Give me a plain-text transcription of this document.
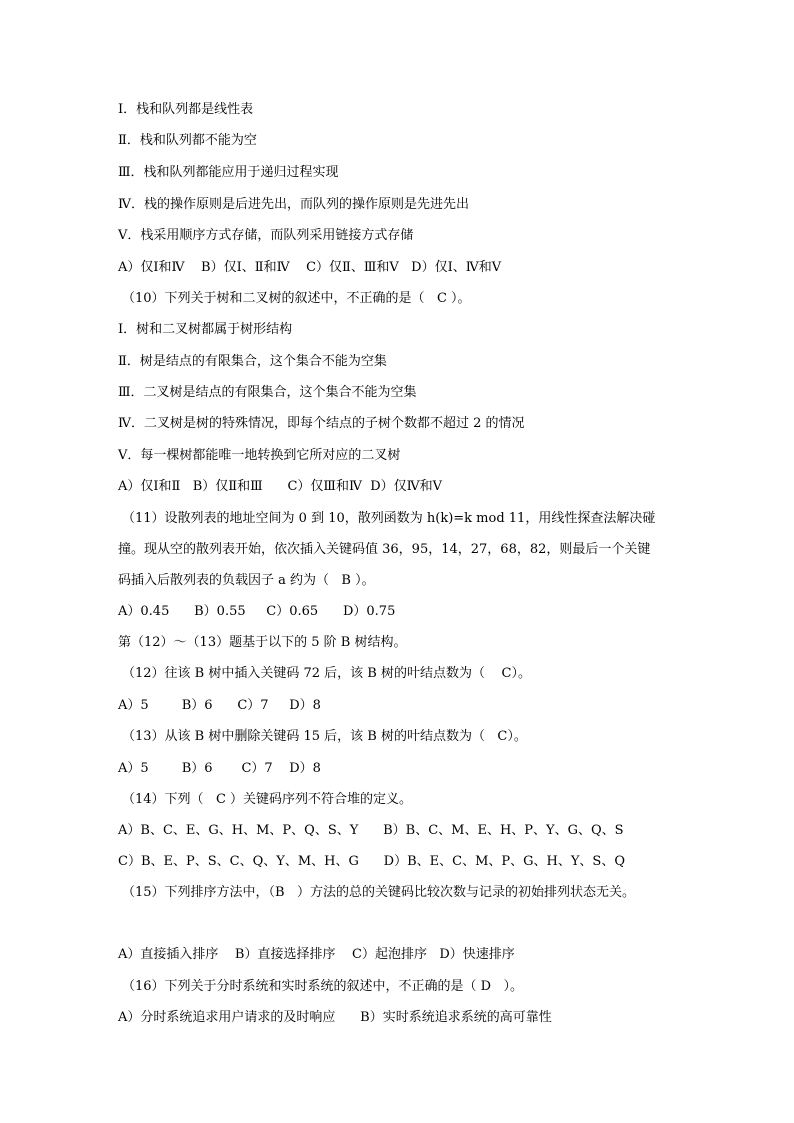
Ⅰ．栈和队列都是线性表
Ⅱ．栈和队列都不能为空
Ⅲ．栈和队列都能应用于递归过程实现
Ⅳ．栈的操作原则是后进先出，而队列的操作原则是先进先出
Ⅴ．栈采用顺序方式存储，而队列采用链接方式存储
A）仅Ⅰ和Ⅳ    B）仅Ⅰ、Ⅱ和Ⅳ    C）仅Ⅱ、Ⅲ和Ⅴ   D）仅Ⅰ、Ⅳ和Ⅴ
（10）下列关于树和二叉树的叙述中，不正确的是（   C ）。
Ⅰ．树和二叉树都属于树形结构
Ⅱ．树是结点的有限集合，这个集合不能为空集
Ⅲ．二叉树是结点的有限集合，这个集合不能为空集
Ⅳ．二叉树是树的特殊情况，即每个结点的子树个数都不超过 2 的情况
Ⅴ．每一棵树都能唯一地转换到它所对应的二叉树
A）仅Ⅰ和Ⅱ   B）仅Ⅱ和Ⅲ      C）仅Ⅲ和Ⅳ  D）仅Ⅳ和Ⅴ
（11）设散列表的地址空间为 0 到 10，散列函数为 h(k)=k mod 11，用线性探查法解决碰
撞。现从空的散列表开始，依次插入关键码值 36，95，14，27，68，82，则最后一个关键
码插入后散列表的负载因子 a 约为（   B ）。
A）0.45      B）0.55     C）0.65      D）0.75
第（12）～（13）题基于以下的 5 阶 B 树结构。
（12）往该 B 树中插入关键码 72 后，该 B 树的叶结点数为（    C）。
A）5        B）6      C）7     D）8
（13）从该 B 树中删除关键码 15 后，该 B 树的叶结点数为（   C）。
A）5        B）6       C）7    D）8
（14）下列（   C ）关键码序列不符合堆的定义。
A）B、C、E、G、H、M、P、Q、S、Y      B）B、C、M、E、H、P、Y、G、Q、S
C）B、E、P、S、C、Q、Y、M、H、G      D）B、E、C、M、P、G、H、Y、S、Q
（15）下列排序方法中，（B   ）方法的总的关键码比较次数与记录的初始排列状态无关。
A）直接插入排序    B）直接选择排序    C）起泡排序   D）快速排序
（16）下列关于分时系统和实时系统的叙述中，不正确的是（ D   ）。
A）分时系统追求用户请求的及时响应      B）实时系统追求系统的高可靠性
